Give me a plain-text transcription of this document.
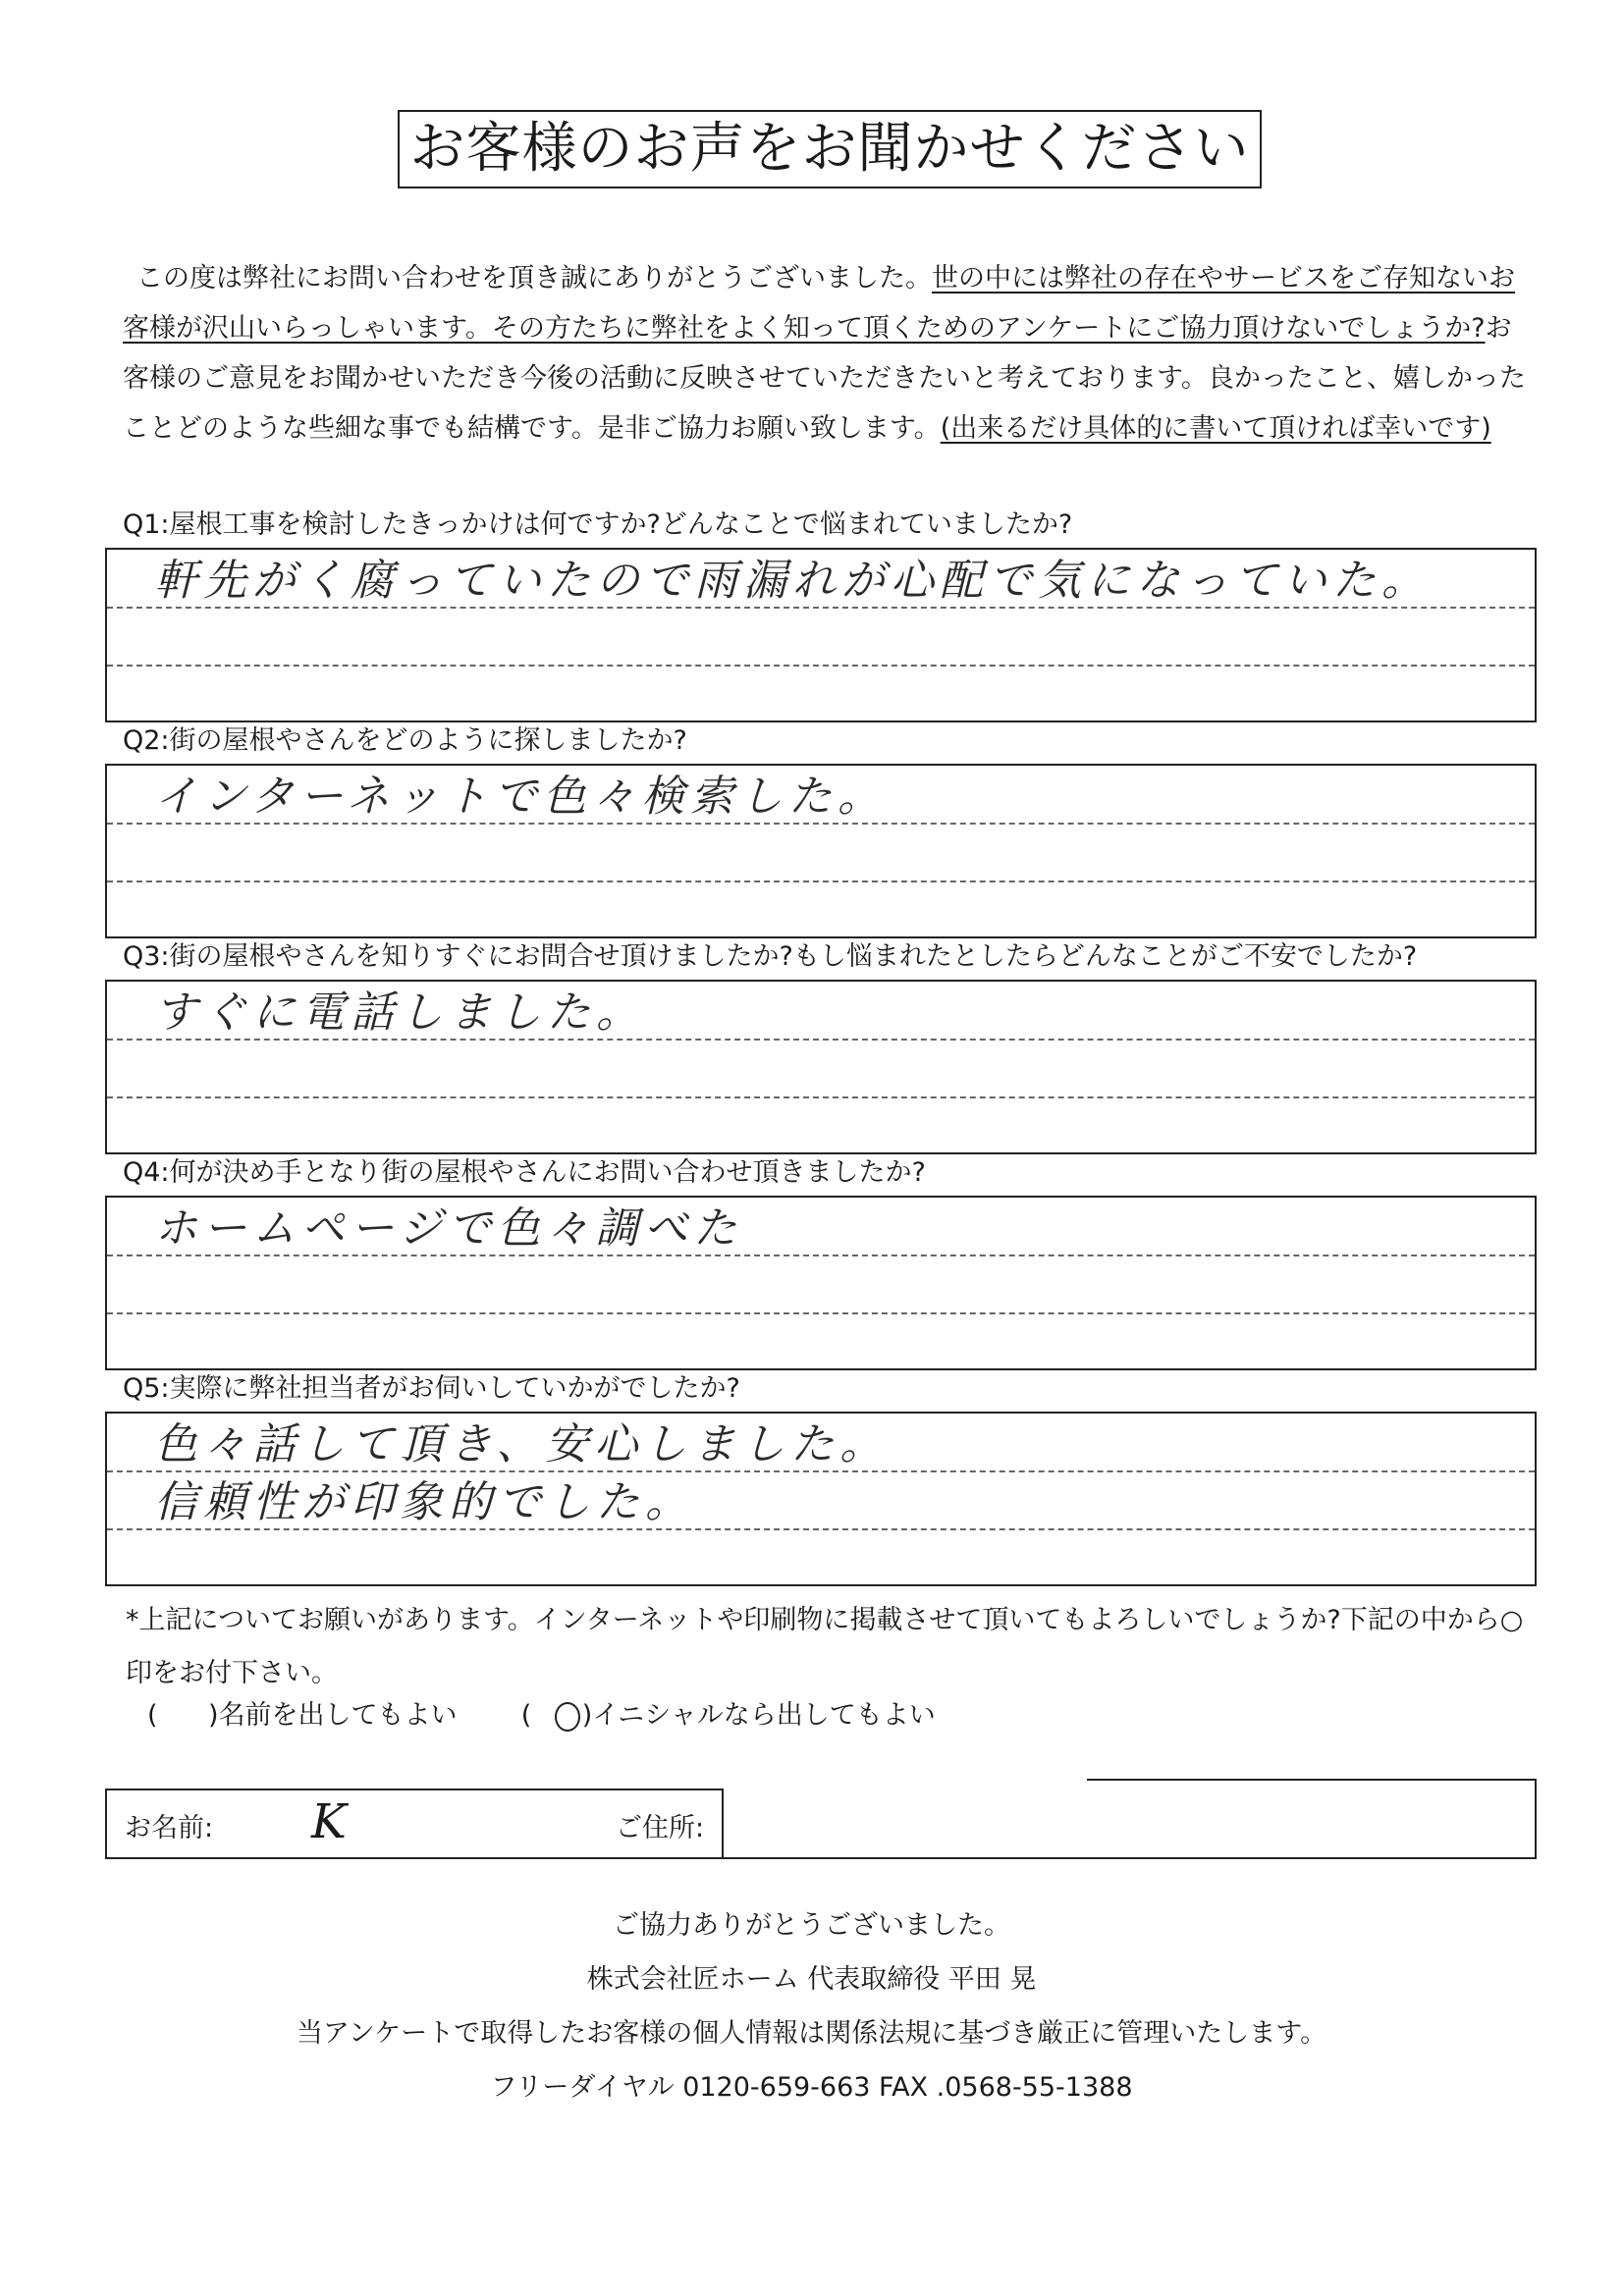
お客様のお声をお聞かせください

この度は弊社にお問い合わせを頂き誠にありがとうございました。世の中には弊社の存在やサービスをご存知ないお客様が沢山いらっしゃいます。その方たちに弊社をよく知って頂くためのアンケートにご協力頂けないでしょうか?お客様のご意見をお聞かせいただき今後の活動に反映させていただきたいと考えております。良かったこと、嬉しかったことどのような些細な事でも結構です。是非ご協力お願い致します。(出来るだけ具体的に書いて頂ければ幸いです)

Q1:屋根工事を検討したきっかけは何ですか?どんなことで悩まれていましたか?
軒先がく腐っていたので雨漏れが心配で気になっていた。
Q2:街の屋根やさんをどのように探しましたか?
インターネットで色々検索した。
Q3:街の屋根やさんを知りすぐにお問合せ頂けましたか?もし悩まれたとしたらどんなことがご不安でしたか?
すぐに電話しました。
Q4:何が決め手となり街の屋根やさんにお問い合わせ頂きましたか?
ホームページで色々調べた
Q5:実際に弊社担当者がお伺いしていかがでしたか?
色々話して頂き、安心しました。
信頼性が印象的でした。

*上記についてお願いがあります。インターネットや印刷物に掲載させて頂いてもよろしいでしょうか?下記の中から○印をお付下さい。

(      )名前を出してもよい (      )
イニシャルなら出してもよい
お名前: K	ご住所:
ご協力ありがとうございました。
株式会社匠ホーム 代表取締役 平田 晃
当アンケートで取得したお客様の個人情報は関係法規に基づき厳正に管理いたします。
フリーダイヤル 0120-659-663 FAX .0568-55-1388
